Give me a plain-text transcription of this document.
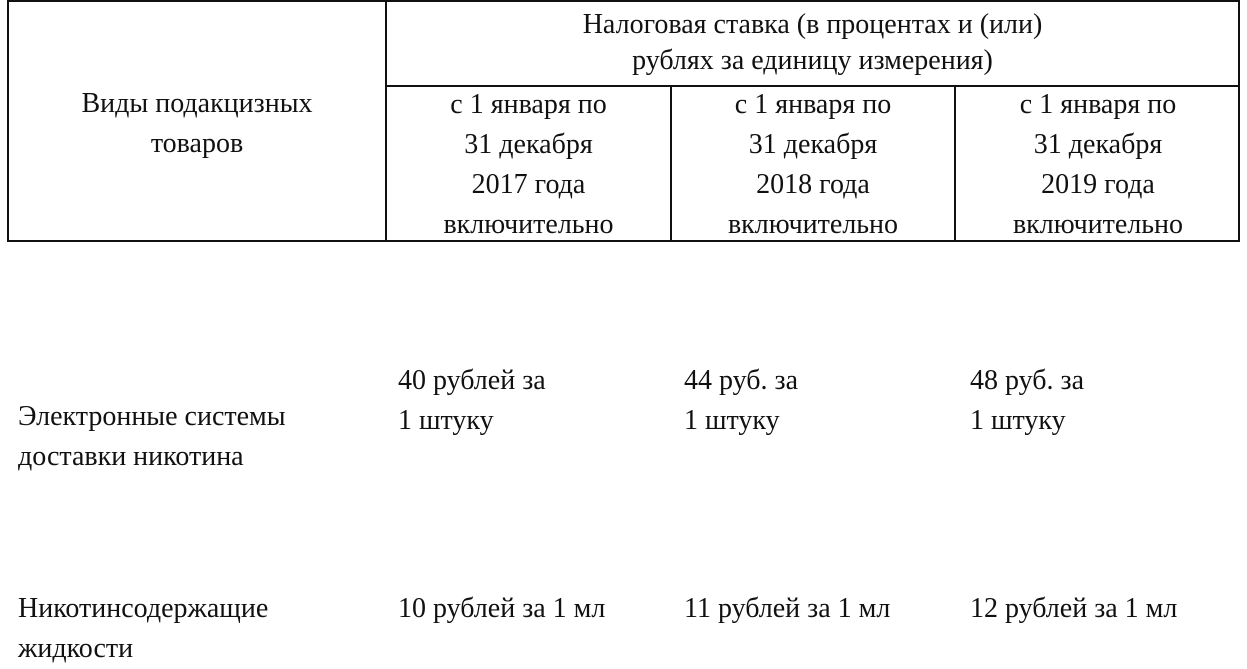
Виды подакцизных
товаров
Налоговая ставка (в процентах и (или)
рублях за единицу измерения)
с 1 января по
31 декабря
2017 года
включительно
с 1 января по
31 декабря
2018 года
включительно
с 1 января по
31 декабря
2019 года
включительно
Электронные системы
доставки никотина
40 рублей за
1 штуку
44 руб. за
1 штуку
48 руб. за
1 штуку
Никотинсодержащие
жидкости
10 рублей за 1 мл	11 рублей за 1 мл	12 рублей за 1 мл
